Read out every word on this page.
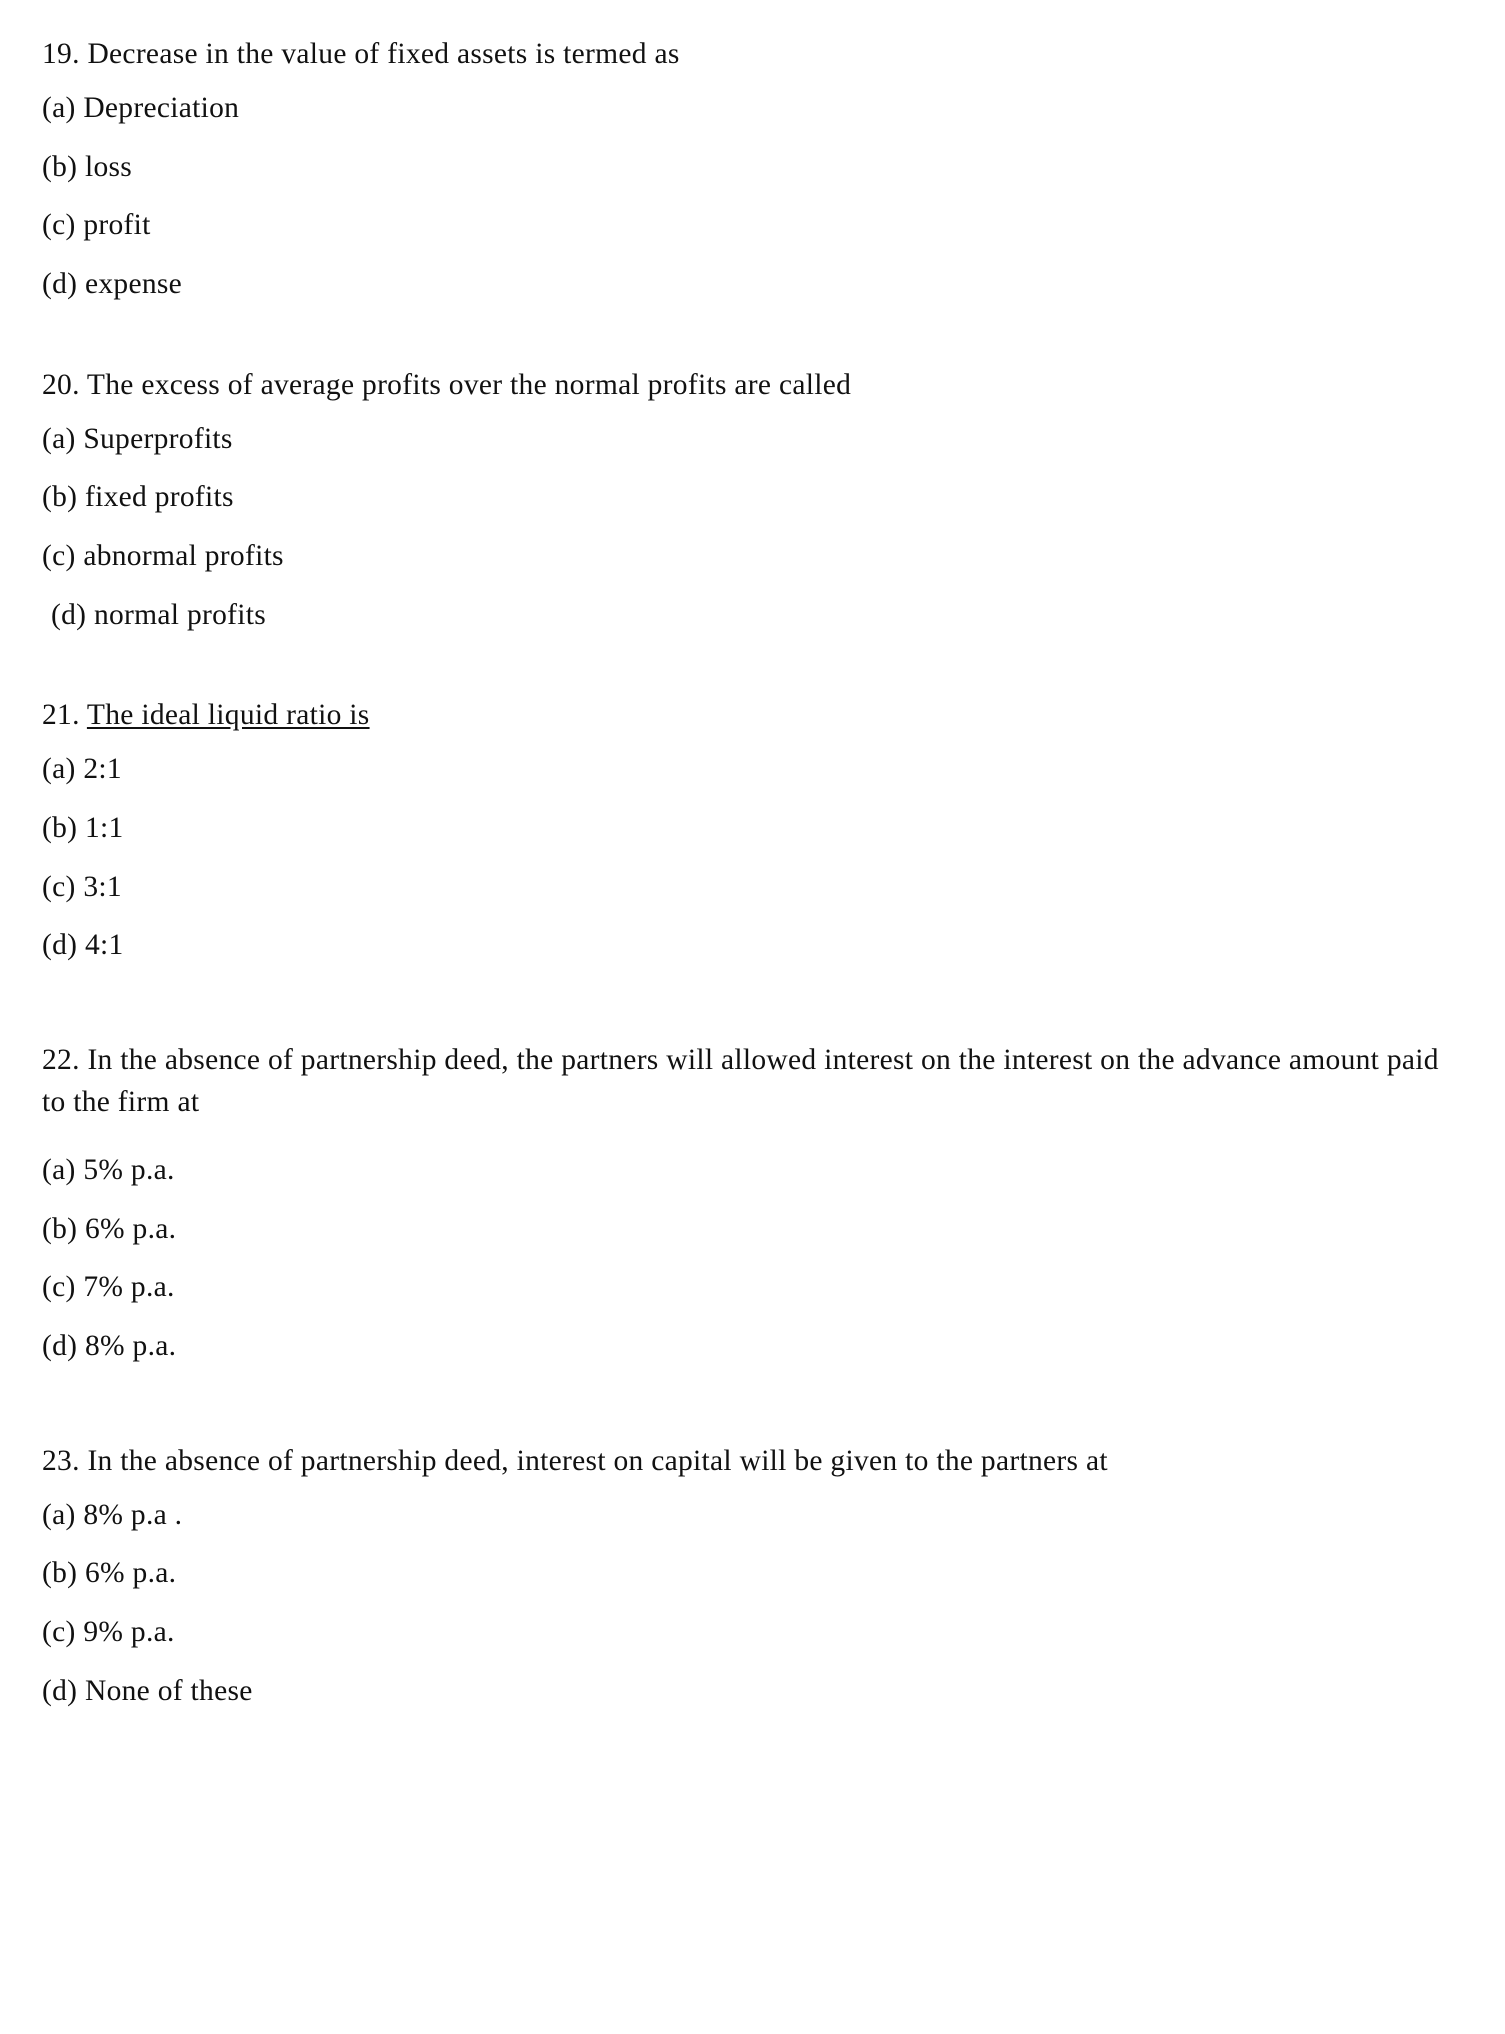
19. Decrease in the value of fixed assets is termed as

(a) Depreciation

(b) loss

(c) profit

(d) expense

20. The excess of average profits over the normal profits are called

(a) Superprofits

(b) fixed profits

(c) abnormal profits

(d) normal profits

21. The ideal liquid ratio is

(a) 2:1

(b) 1:1

(c) 3:1

(d) 4:1

22. In the absence of partnership deed, the partners will allowed interest on the interest on the advance amount paid to the firm at

(a) 5% p.a.

(b) 6% p.a.

(c) 7% p.a.

(d) 8% p.a.

23. In the absence of partnership deed, interest on capital will be given to the partners at

(a) 8% p.a .

(b) 6% p.a.

(c) 9% p.a.

(d) None of these
